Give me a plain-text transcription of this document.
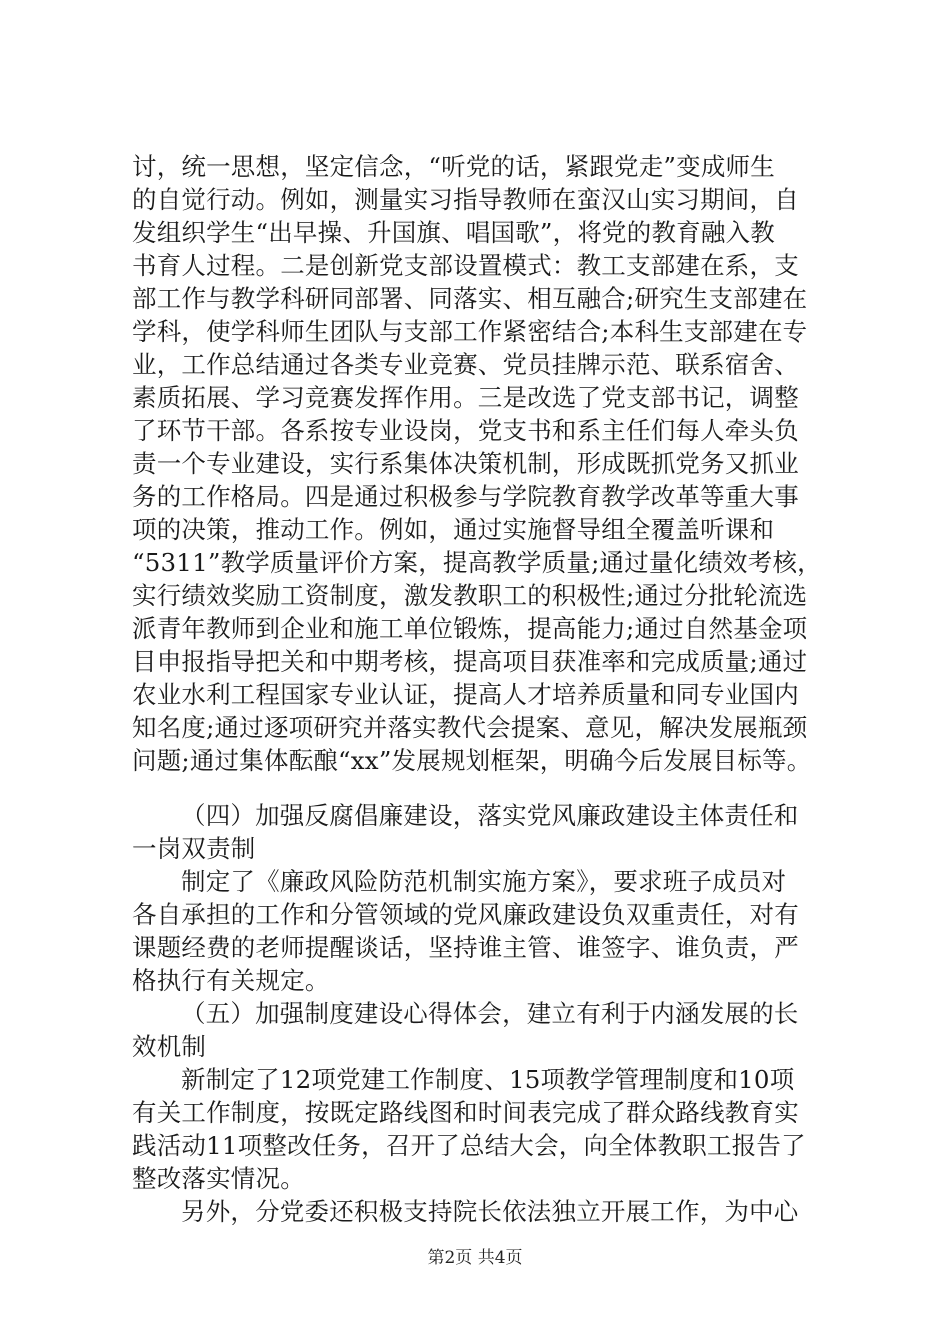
讨，统一思想，坚定信念，“听党的话，紧跟党走”变成师生
的自觉行动。例如，测量实习指导教师在蛮汉山实习期间，自
发组织学生“出早操、升国旗、唱国歌”，将党的教育融入教
书育人过程。二是创新党支部设置模式：教工支部建在系，支
部工作与教学科研同部署、同落实、相互融合;研究生支部建在
学科，使学科师生团队与支部工作紧密结合;本科生支部建在专
业，工作总结通过各类专业竞赛、党员挂牌示范、联系宿舍、
素质拓展、学习竞赛发挥作用。三是改选了党支部书记，调整
了环节干部。各系按专业设岗，党支书和系主任们每人牵头负
责一个专业建设，实行系集体决策机制，形成既抓党务又抓业
务的工作格局。四是通过积极参与学院教育教学改革等重大事
项的决策，推动工作。例如，通过实施督导组全覆盖听课和
“5311”教学质量评价方案，提高教学质量;通过量化绩效考核，
实行绩效奖励工资制度，激发教职工的积极性;通过分批轮流选
派青年教师到企业和施工单位锻炼，提高能力;通过自然基金项
目申报指导把关和中期考核，提高项目获准率和完成质量;通过
农业水利工程国家专业认证，提高人才培养质量和同专业国内
知名度;通过逐项研究并落实教代会提案、意见，解决发展瓶颈
问题;通过集体酝酿“xx”发展规划框架，明确今后发展目标等。
（四）加强反腐倡廉建设，落实党风廉政建设主体责任和
一岗双责制
制定了《廉政风险防范机制实施方案》，要求班子成员对
各自承担的工作和分管领域的党风廉政建设负双重责任，对有
课题经费的老师提醒谈话，坚持谁主管、谁签字、谁负责，严
格执行有关规定。
（五）加强制度建设心得体会，建立有利于内涵发展的长
效机制
新制定了12项党建工作制度、15项教学管理制度和10项
有关工作制度，按既定路线图和时间表完成了群众路线教育实
践活动11项整改任务，召开了总结大会，向全体教职工报告了
整改落实情况。
另外，分党委还积极支持院长依法独立开展工作，为中心
第2页 共4页
